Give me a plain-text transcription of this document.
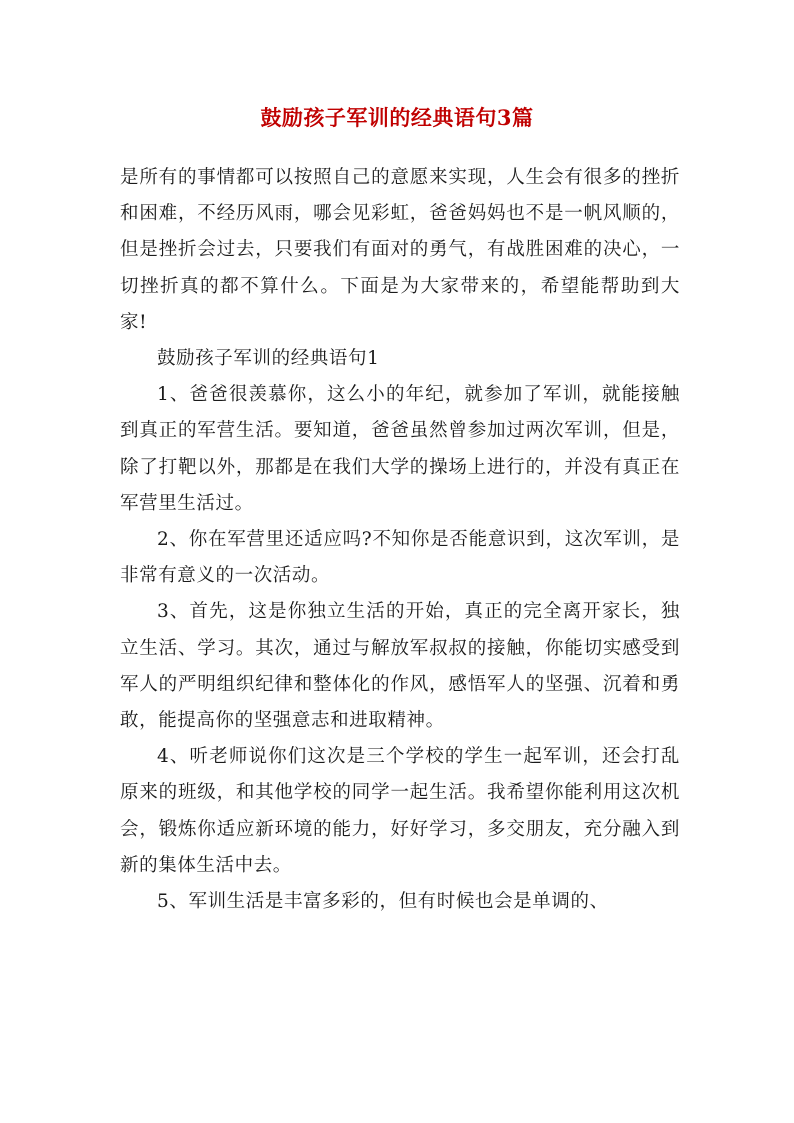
鼓励孩子军训的经典语句3篇

是所有的事情都可以按照自己的意愿来实现，人生会有很多的挫折和困难，不经历风雨，哪会见彩虹，爸爸妈妈也不是一帆风顺的，但是挫折会过去，只要我们有面对的勇气，有战胜困难的决心，一切挫折真的都不算什么。下面是为大家带来的，希望能帮助到大家!

鼓励孩子军训的经典语句1

1、爸爸很羡慕你，这么小的年纪，就参加了军训，就能接触到真正的军营生活。要知道，爸爸虽然曾参加过两次军训，但是，除了打靶以外，那都是在我们大学的操场上进行的，并没有真正在军营里生活过。

2、你在军营里还适应吗?不知你是否能意识到，这次军训，是非常有意义的一次活动。

3、首先，这是你独立生活的开始，真正的完全离开家长，独立生活、学习。其次，通过与解放军叔叔的接触，你能切实感受到军人的严明组织纪律和整体化的作风，感悟军人的坚强、沉着和勇敢，能提高你的坚强意志和进取精神。

4、听老师说你们这次是三个学校的学生一起军训，还会打乱原来的班级，和其他学校的同学一起生活。我希望你能利用这次机会，锻炼你适应新环境的能力，好好学习，多交朋友，充分融入到新的集体生活中去。

5、军训生活是丰富多彩的，但有时候也会是单调的、
